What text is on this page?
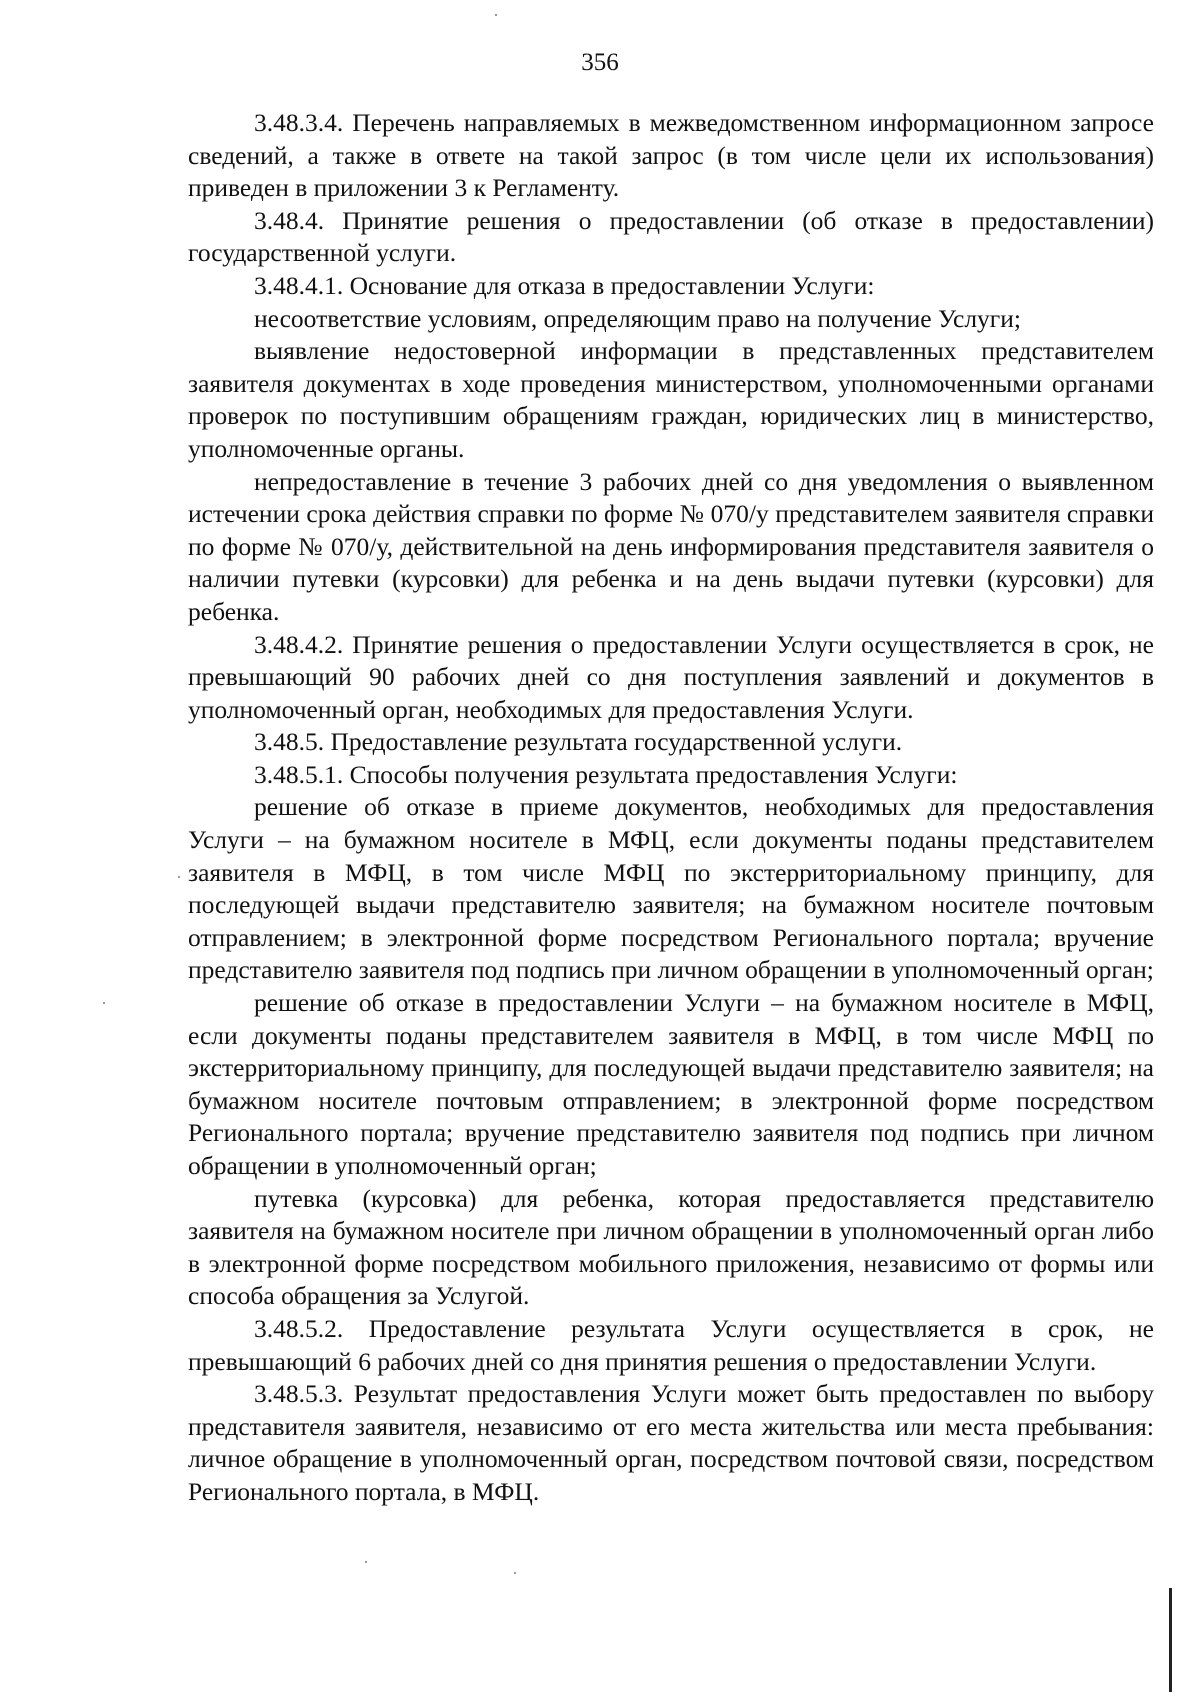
356

3.48.3.4. Перечень направляемых в межведомственном информационном запросе сведений, а также в ответе на такой запрос (в том числе цели их использования) приведен в приложении 3 к Регламенту.

3.48.4. Принятие решения о предоставлении (об отказе в предоставлении) государственной услуги.

3.48.4.1. Основание для отказа в предоставлении Услуги:

несоответствие условиям, определяющим право на получение Услуги;

выявление недостоверной информации в представленных представителем заявителя документах в ходе проведения министерством, уполномоченными органами проверок по поступившим обращениям граждан, юридических лиц в министерство, уполномоченные органы.

непредоставление в течение 3 рабочих дней со дня уведомления о выявленном истечении срока действия справки по форме № 070/у представителем заявителя справки по форме № 070/у, действительной на день информирования представителя заявителя о наличии путевки (курсовки) для ребенка и на день выдачи путевки (курсовки) для ребенка.

3.48.4.2. Принятие решения о предоставлении Услуги осуществляется в срок, не превышающий 90 рабочих дней со дня поступления заявлений и документов в уполномоченный орган, необходимых для предоставления Услуги.

3.48.5. Предоставление результата государственной услуги.

3.48.5.1. Способы получения результата предоставления Услуги:

решение об отказе в приеме документов, необходимых для предоставления Услуги – на бумажном носителе в МФЦ, если документы поданы представителем заявителя в МФЦ, в том числе МФЦ по экстерриториальному принципу, для последующей выдачи представителю заявителя; на бумажном носителе почтовым отправлением; в электронной форме посредством Регионального портала; вручение представителю заявителя под подпись при личном обращении в уполномоченный орган;

решение об отказе в предоставлении Услуги – на бумажном носителе в МФЦ, если документы поданы представителем заявителя в МФЦ, в том числе МФЦ по экстерриториальному принципу, для последующей выдачи представителю заявителя; на бумажном носителе почтовым отправлением; в электронной форме посредством Регионального портала; вручение представителю заявителя под подпись при личном обращении в уполномоченный орган;

путевка (курсовка) для ребенка, которая предоставляется представителю заявителя на бумажном носителе при личном обращении в уполномоченный орган либо в электронной форме посредством мобильного приложения, независимо от формы или способа обращения за Услугой.

3.48.5.2. Предоставление результата Услуги осуществляется в срок, не превышающий 6 рабочих дней со дня принятия решения о предоставлении Услуги.

3.48.5.3. Результат предоставления Услуги может быть предоставлен по выбору представителя заявителя, независимо от его места жительства или места пребывания: личное обращение в уполномоченный орган, посредством почтовой связи, посредством Регионального портала, в МФЦ.
